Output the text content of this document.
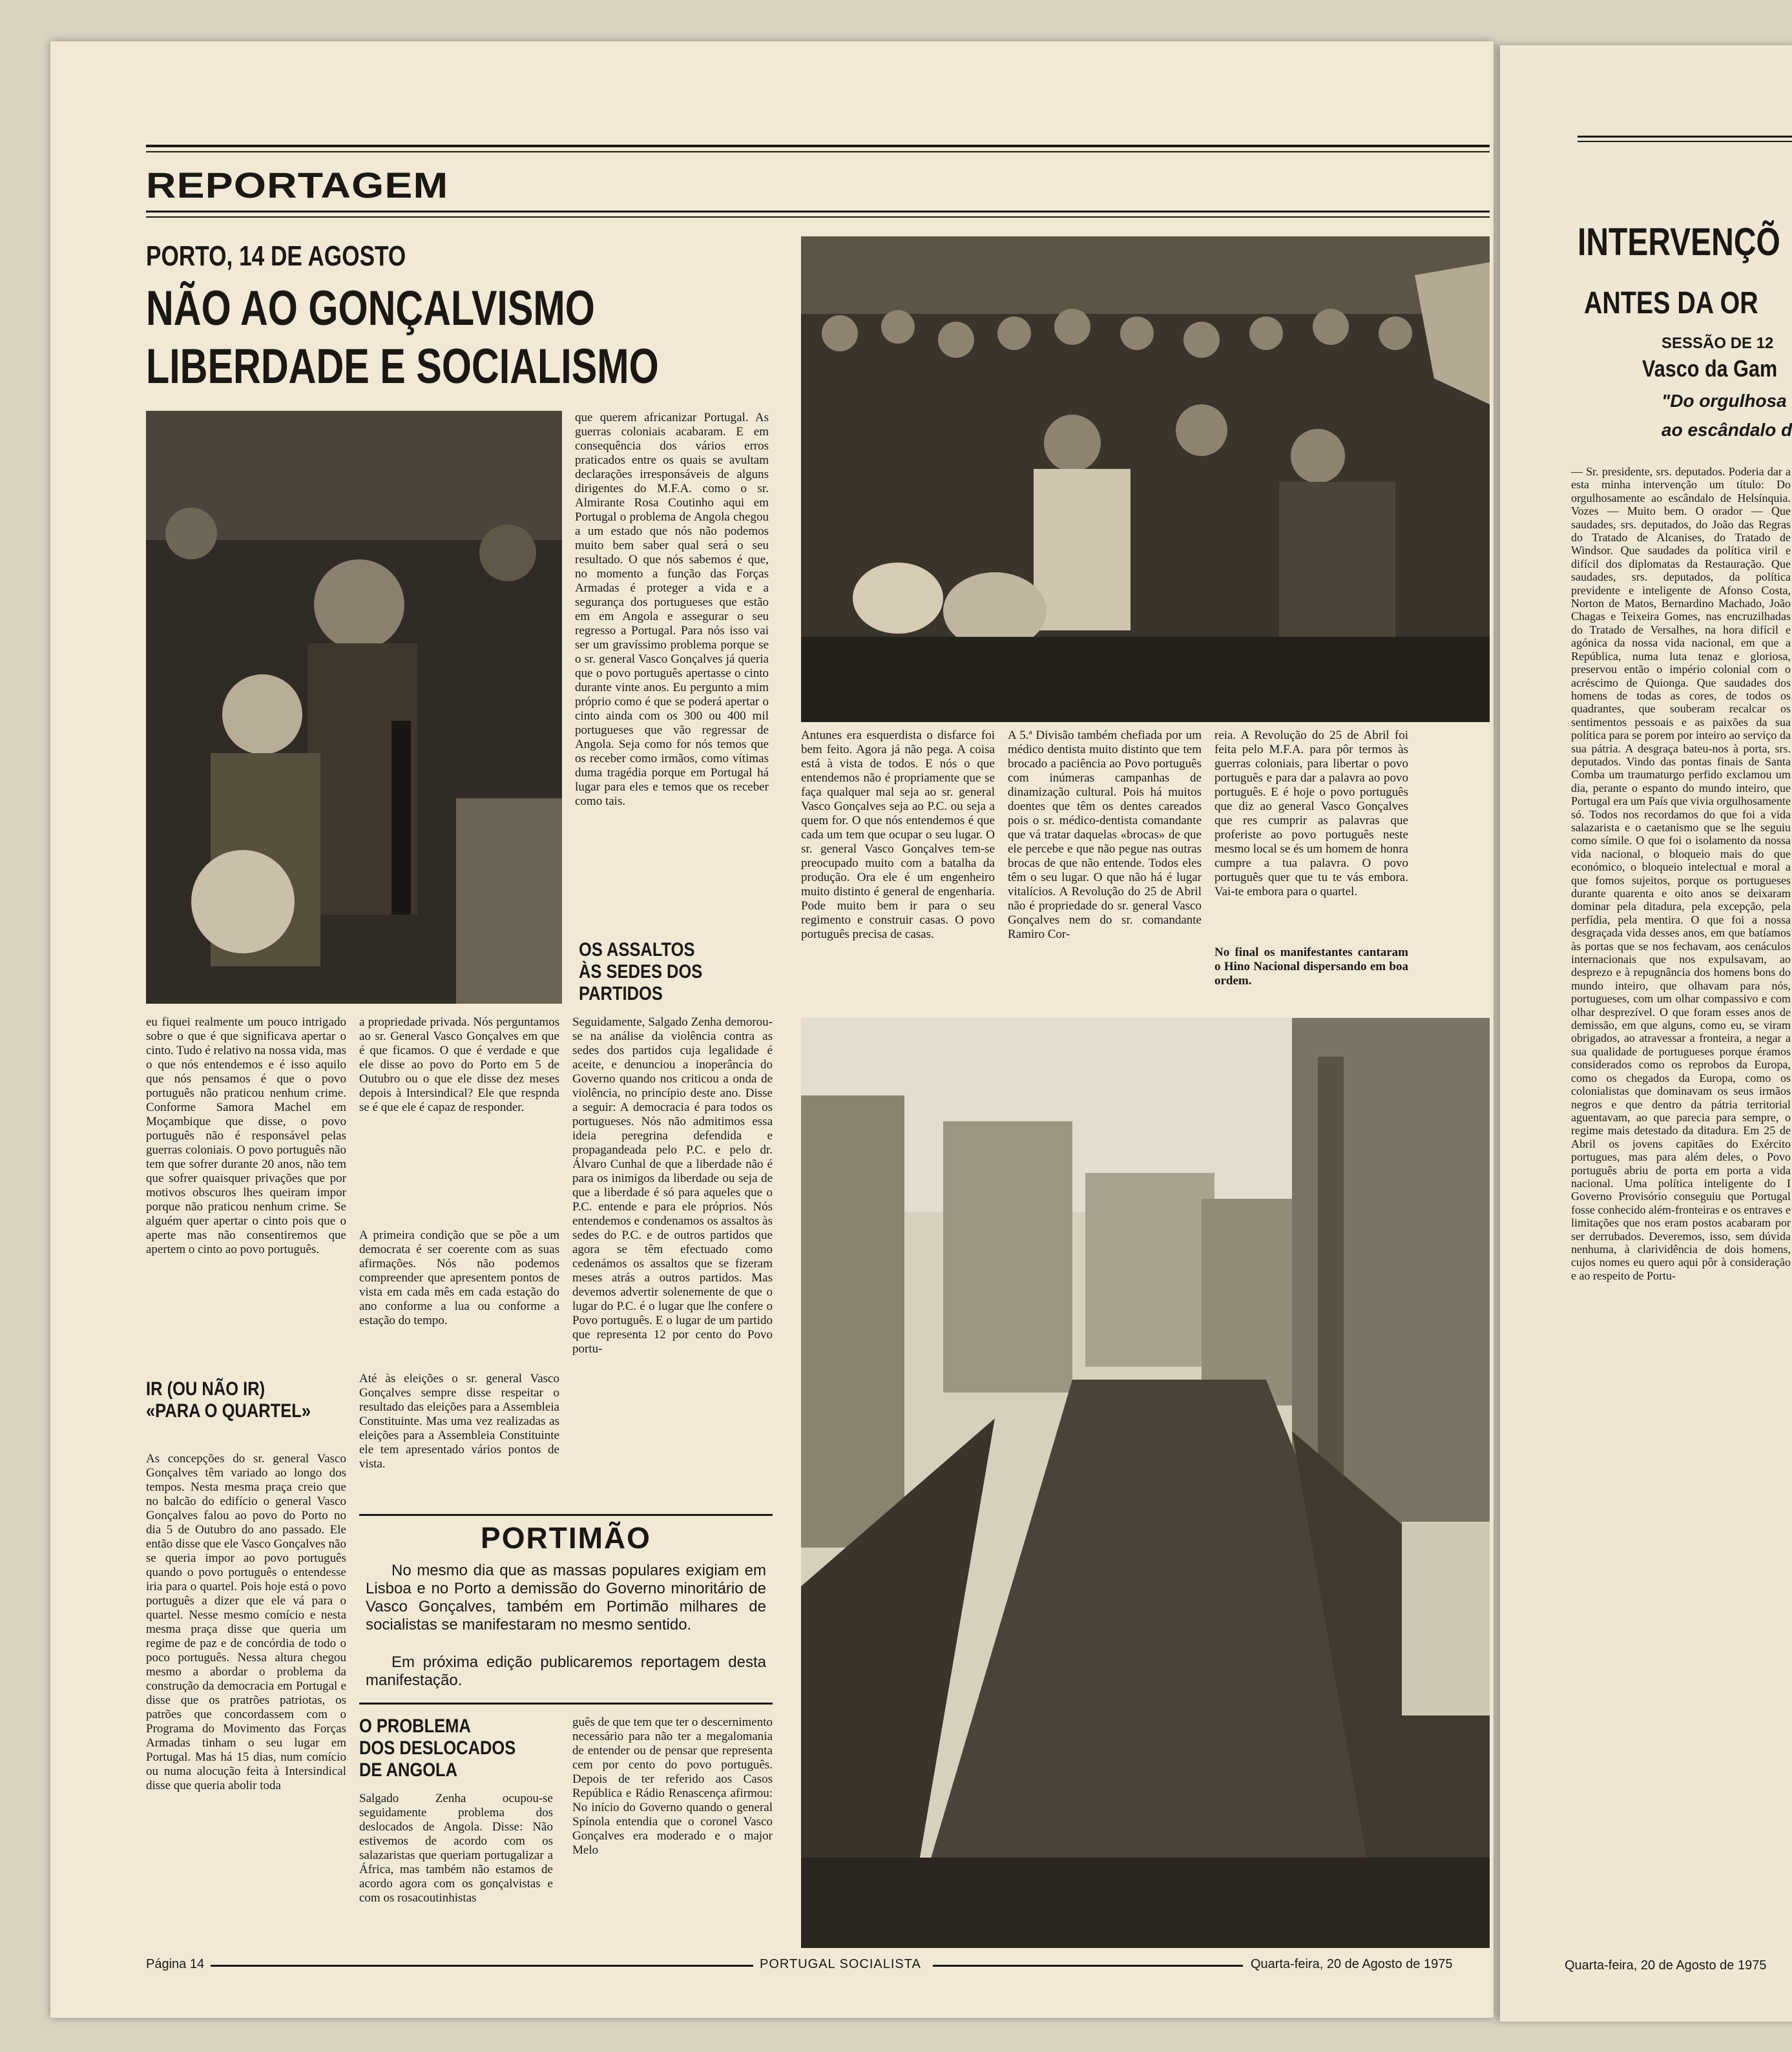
REPORTAGEM
PORTO, 14 DE AGOSTO
NÃO AO GONÇALVISMO
LIBERDADE E SOCIALISMO
que querem africanizar Portugal. As guerras coloniais acabaram. E em consequência dos vários erros praticados entre os quais se avultam declarações irresponsáveis de alguns dirigentes do M.F.A. como o sr. Almirante Rosa Coutinho aqui em Portugal o problema de Angola chegou a um estado que nós não podemos muito bem saber qual será o seu resultado. O que nós sabemos é que, no momento a função das Forças Armadas é proteger a vida e a segurança dos portugueses que estão em em Angola e assegurar o seu regresso a Portugal. Para nós isso vai ser um gravíssimo problema porque se o sr. general Vasco Gonçalves já queria que o povo português apertasse o cinto durante vinte anos. Eu pergunto a mim próprio como é que se poderá apertar o cinto ainda com os 300 ou 400 mil portugueses que vão regressar de Angola. Seja como for nós temos que os receber como irmãos, como vítimas duma tragédia porque em Portugal há lugar para eles e temos que os receber como tais.
OS ASSALTOS ÀS SEDES DOS PARTIDOS
Antunes era esquerdista o disfarce foi bem feito. Agora já não pega. A coisa está à vista de todos. E nós o que entendemos não é propriamente que se faça qualquer mal seja ao sr. general Vasco Gonçalves seja ao P.C. ou seja a quem for. O que nós entendemos é que cada um tem que ocupar o seu lugar. O sr. general Vasco Gonçalves tem-se preocupado muito com a batalha da produção. Ora ele é um engenheiro muito distinto é general de engenharia. Pode muito bem ir para o seu regimento e construir casas. O povo português precisa de casas.
A 5.ª Divisão também chefiada por um médico dentista muito distinto que tem brocado a paciência ao Povo português com inúmeras campanhas de dinamização cultural. Pois há muitos doentes que têm os dentes careados pois o sr. médico-dentista comandante que vá tratar daquelas «brocas» de que ele percebe e que não pegue nas outras brocas de que não entende. Todos eles têm o seu lugar. O que não há é lugar vitalícios. A Revolução do 25 de Abril não é propriedade do sr. general Vasco Gonçalves nem do sr. comandante Ramiro Cor-
reia. A Revolução do 25 de Abril foi feita pelo M.F.A. para pôr termos às guerras coloniais, para libertar o povo português e para dar a palavra ao povo português. E é hoje o povo português que diz ao general Vasco Gonçalves que res cumprir as palavras que proferiste ao povo português neste mesmo local se és um homem de honra cumpre a tua palavra. O povo português quer que tu te vás embora. Vai-te embora para o quartel.
No final os manifestantes cantaram o Hino Nacional dispersando em boa ordem.
eu fiquei realmente um pouco intrigado sobre o que é que significava apertar o cinto. Tudo é relativo na nossa vida, mas o que nós entendemos e é isso aquilo que nós pensamos é que o povo português não praticou nenhum crime. Conforme Samora Machel em Moçambique que disse, o povo português não é responsável pelas guerras coloniais. O povo português não tem que sofrer durante 20 anos, não tem que sofrer quaisquer privações que por motivos obscuros lhes queiram impor porque não praticou nenhum crime. Se alguém quer apertar o cinto pois que o aperte mas não consentiremos que apertem o cinto ao povo português.
IR (OU NÃO IR)
«PARA O QUARTEL»
As concepções do sr. general Vasco Gonçalves têm variado ao longo dos tempos. Nesta mesma praça creio que no balcão do edifício o general Vasco Gonçalves falou ao povo do Porto no dia 5 de Outubro do ano passado. Ele então disse que ele Vasco Gonçalves não se queria impor ao povo português quando o povo português o entendesse iria para o quartel. Pois hoje está o povo português a dizer que ele vá para o quartel. Nesse mesmo comício e nesta mesma praça disse que queria um regime de paz e de concórdia de todo o poco português. Nessa altura chegou mesmo a abordar o problema da construção da democracia em Portugal e disse que os pratrões patriotas, os patrões que concordassem com o Programa do Movimento das Forças Armadas tinham o seu lugar em Portugal. Mas há 15 dias, num comício ou numa alocução feita à Intersindical disse que queria abolir toda
a propriedade privada. Nós perguntamos ao sr. General Vasco Gonçalves em que é que ficamos. O que é verdade e que ele disse ao povo do Porto em 5 de Outubro ou o que ele disse dez meses depois à Intersindical? Ele que respnda se é que ele é capaz de responder.
A primeira condição que se põe a um democrata é ser coerente com as suas afirmações. Nós não podemos compreender que apresentem pontos de vista em cada mês em cada estação do ano conforme a lua ou conforme a estação do tempo.
Até às eleições o sr. general Vasco Gonçalves sempre disse respeitar o resultado das eleições para a Assembleia Constituinte. Mas uma vez realizadas as eleições para a Assembleia Constituinte ele tem apresentado vários pontos de vista.
Seguidamente, Salgado Zenha demorou-se na análise da violência contra as sedes dos partidos cuja legalidade é aceite, e denunciou a inoperância do Governo quando nos criticou a onda de violência, no princípio deste ano. Disse a seguir: A democracia é para todos os portugueses. Nós não admitimos essa ideia peregrina defendida e propagandeada pelo P.C. e pelo dr. Álvaro Cunhal de que a liberdade não é para os inimigos da liberdade ou seja de que a liberdade é só para aqueles que o P.C. entende e para ele próprios. Nós entendemos e condenamos os assaltos às sedes do P.C. e de outros partidos que agora se têm efectuado como cedenámos os assaltos que se fizeram meses atrás a outros partidos. Mas devemos advertir solenemente de que o lugar do P.C. é o lugar que lhe confere o Povo português. E o lugar de um partido que representa 12 por cento do Povo portu-
PORTIMÃO
No mesmo dia que as massas populares exigiam em Lisboa e no Porto a demissão do Governo minoritário de Vasco Gonçalves, também em Portimão milhares de socialistas se manifestaram no mesmo sentido.
Em próxima edição publicaremos reportagem desta manifestação.
O PROBLEMA
DOS DESLOCADOS
DE ANGOLA
Salgado Zenha ocupou-se seguidamente problema dos deslocados de Angola. Disse: Não estivemos de acordo com os salazaristas que queriam portugalizar a África, mas também não estamos de acordo agora com os gonçalvistas e com os rosacoutinhistas
guês de que tem que ter o descernimento necessário para não ter a megalomania de entender ou de pensar que representa cem por cento do povo português. Depois de ter referido aos Casos República e Rádio Renascença afirmou: No início do Governo quando o general Spínola entendia que o coronel Vasco Gonçalves era moderado e o major Melo
Página 14	PORTUGAL SOCIALISTA	Quarta-feira, 20 de Agosto de 1975
INTERVENÇÕ
ANTES DA OR
SESSÃO DE 12
Vasco da Gam
"Do orgulhosa
ao escândalo d
— Sr. presidente, srs. deputados. Poderia dar a esta minha intervenção um título: Do orgulhosamente ao escândalo de Helsínquia. Vozes — Muito bem. O orador — Que saudades, srs. deputados, do João das Regras do Tratado de Alcanises, do Tratado de Windsor. Que saudades da política viril e difícil dos diplomatas da Restauração. Que saudades, srs. deputados, da política previdente e inteligente de Afonso Costa, Norton de Matos, Bernardino Machado, João Chagas e Teixeira Gomes, nas encruzilhadas do Tratado de Versalhes, na hora difícil e agónica da nossa vida nacional, em que a República, numa luta tenaz e gloriosa, preservou então o império colonial com o acréscimo de Quionga. Que saudades dos homens de todas as cores, de todos os quadrantes, que souberam recalcar os sentimentos pessoais e as paixões da sua política para se porem por inteiro ao serviço da sua pátria. A desgraça bateu-nos à porta, srs. deputados. Vindo das pontas finais de Santa Comba um traumaturgo perfido exclamou um dia, perante o espanto do mundo inteiro, que Portugal era um País que vivia orgulhosamente só. Todos nos recordamos do que foi a vida salazarista e o caetanismo que se lhe seguiu como símile. O que foi o isolamento da nossa vida nacional, o bloqueio mais do que económico, o bloqueio intelectual e moral a que fomos sujeitos, porque os portugueses durante quarenta e oito anos se deixaram dominar pela ditadura, pela excepção, pela perfídia, pela mentira. O que foi a nossa desgraçada vida desses anos, em que batíamos às portas que se nos fechavam, aos cenáculos internacionais que nos expulsavam, ao desprezo e à repugnância dos homens bons do mundo inteiro, que olhavam para nós, portugueses, com um olhar compassivo e com olhar desprezível. O que foram esses anos de demissão, em que alguns, como eu, se viram obrigados, ao atravessar a fronteira, a negar a sua qualidade de portugueses porque éramos considerados como os reprobos da Europa, como os chegados da Europa, como os colonialistas que dominavam os seus irmãos negros e que dentro da pátria territorial aguentavam, ao que parecia para sempre, o regime mais detestado da ditadura. Em 25 de Abril os jovens capitães do Exército portugues, mas para além deles, o Povo português abriu de porta em porta a vida nacional. Uma política inteligente do I Governo Provisório conseguiu que Portugal fosse conhecido além-fronteiras e os entraves e limitações que nos eram postos acabaram por ser derrubados. Deveremos, isso, sem dúvida nenhuma, à clarividência de dois homens, cujos nomes eu quero aqui pôr à consideração e ao respeito de Portu-
Quarta-feira, 20 de Agosto de 1975
